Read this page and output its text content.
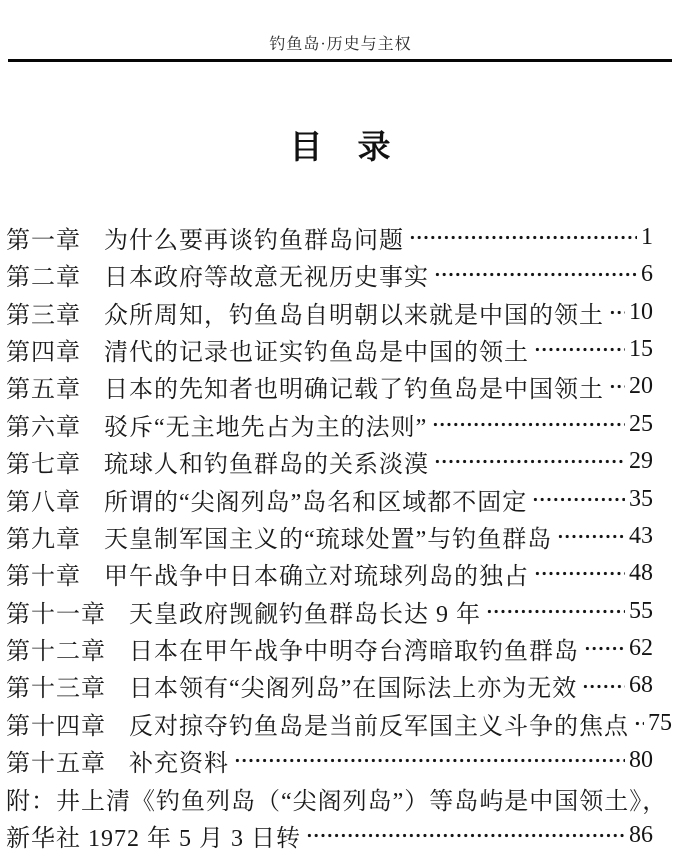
钓鱼岛·历史与主权
目　录
第一章 为什么要再谈钓鱼群岛问题	1
第二章 日本政府等故意无视历史事实	6
第三章 众所周知，钓鱼岛自明朝以来就是中国的领土 10
第四章 清代的记录也证实钓鱼岛是中国的领土	15
第五章 日本的先知者也明确记载了钓鱼岛是中国领土 20
第六章 驳斥“无主地先占为主的法则”	25
第七章 琉球人和钓鱼群岛的关系淡漠	29
第八章 所谓的“尖阁列岛”岛名和区域都不固定	35
第九章 天皇制军国主义的“琉球处置”与钓鱼群岛	43
第十章 甲午战争中日本确立对琉球列岛的独占	48
第十一章 天皇政府觊觎钓鱼群岛长达 9 年	55
第十二章 日本在甲午战争中明夺台湾暗取钓鱼群岛 62
第十三章 日本领有“尖阁列岛”在国际法上亦为无效 68
第十四章 反对掠夺钓鱼岛是当前反军国主义斗争的焦点 75
第十五章 补充资料	80
附：井上清《钓鱼列岛（“尖阁列岛”）等岛屿是中国领土》，
新华社 1972 年 5 月 3 日转	86
